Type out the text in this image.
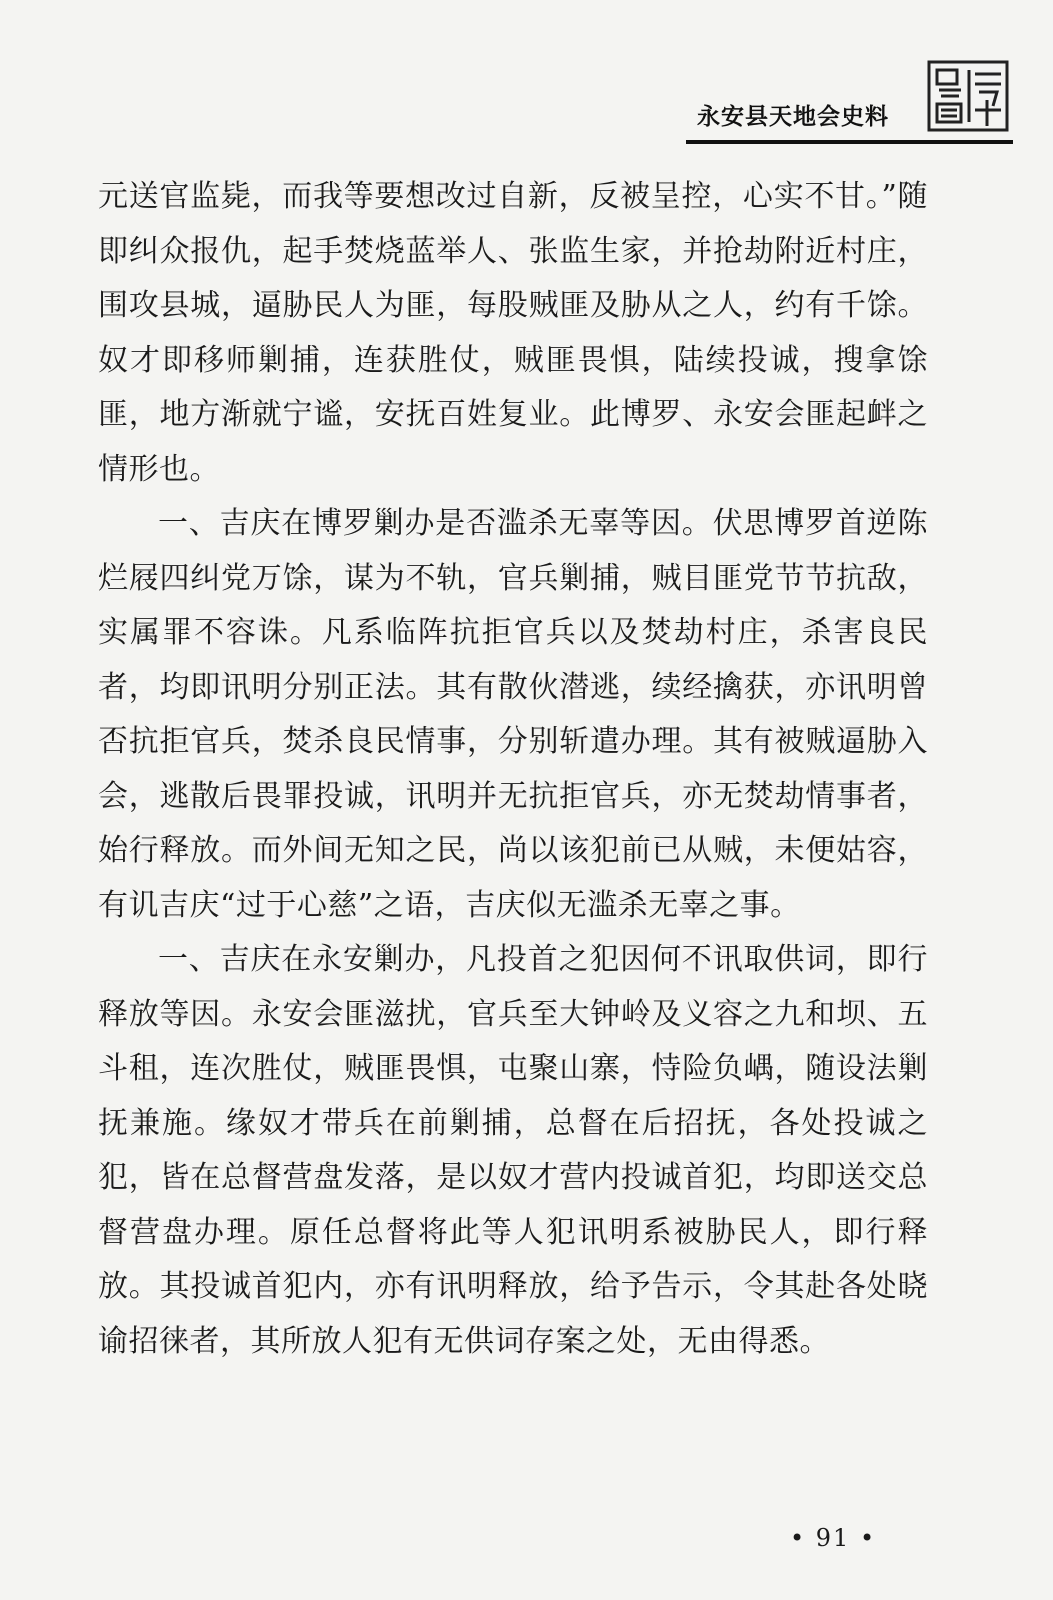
永安县天地会史料

元送官监毙，而我等要想改过自新，反被呈控，心实不甘。”随即纠众报仇，起手焚烧蓝举人、张监生家，并抢劫附近村庄，围攻县城，逼胁民人为匪，每股贼匪及胁从之人，约有千馀。奴才即移师剿捕，连获胜仗，贼匪畏惧，陆续投诚，搜拿馀匪，地方渐就宁谧，安抚百姓复业。此博罗、永安会匪起衅之情形也。

一、吉庆在博罗剿办是否滥杀无辜等因。伏思博罗首逆陈烂屐四纠党万馀，谋为不轨，官兵剿捕，贼目匪党节节抗敌，实属罪不容诛。凡系临阵抗拒官兵以及焚劫村庄，杀害良民者，均即讯明分别正法。其有散伙潜逃，续经擒获，亦讯明曾否抗拒官兵，焚杀良民情事，分别斩遣办理。其有被贼逼胁入会，逃散后畏罪投诚，讯明并无抗拒官兵，亦无焚劫情事者，始行释放。而外间无知之民，尚以该犯前已从贼，未便姑容，有讥吉庆“过于心慈”之语，吉庆似无滥杀无辜之事。

一、吉庆在永安剿办，凡投首之犯因何不讯取供词，即行释放等因。永安会匪滋扰，官兵至大钟岭及义容之九和坝、五斗租，连次胜仗，贼匪畏惧，屯聚山寨，恃险负嵎，随设法剿抚兼施。缘奴才带兵在前剿捕，总督在后招抚，各处投诚之犯，皆在总督营盘发落，是以奴才营内投诚首犯，均即送交总督营盘办理。原任总督将此等人犯讯明系被胁民人，即行释放。其投诚首犯内，亦有讯明释放，给予告示，令其赴各处晓谕招徕者，其所放人犯有无供词存案之处，无由得悉。

• 91 •
